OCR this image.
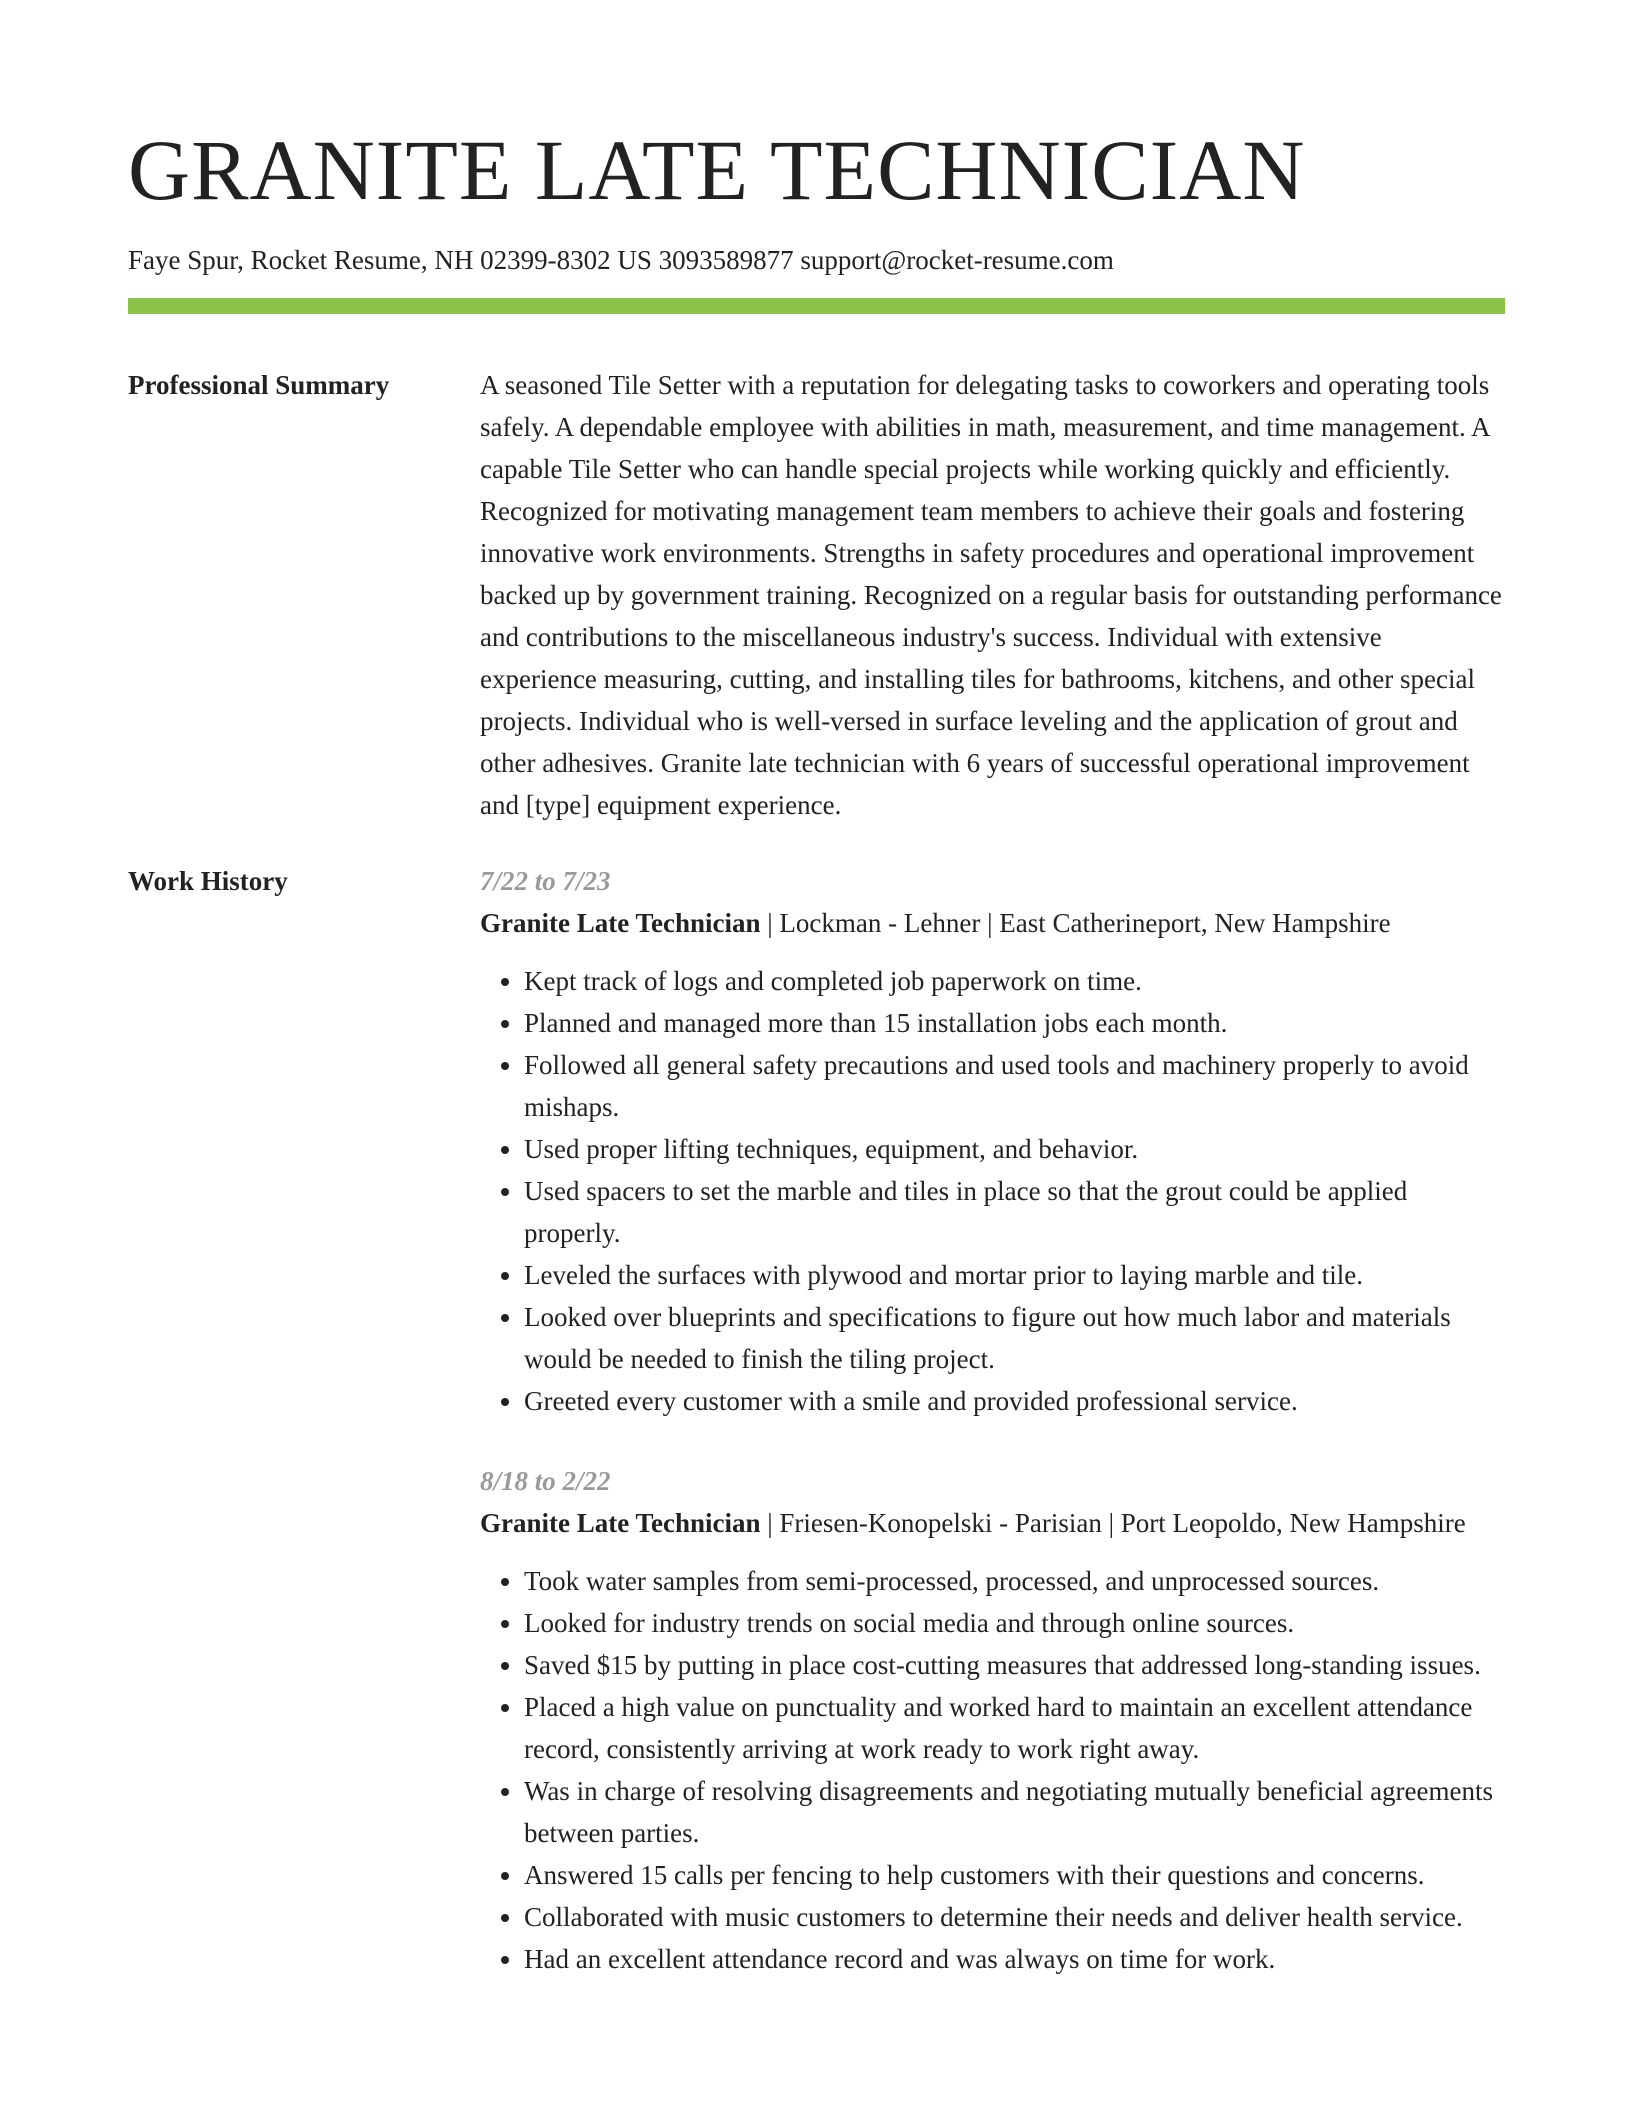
GRANITE LATE TECHNICIAN
Faye Spur, Rocket Resume, NH 02399-8302 US 3093589877 support@rocket-resume.com
Professional Summary	A seasoned Tile Setter with a reputation for delegating tasks to coworkers and operating tools safely. A dependable employee with abilities in math, measurement, and time management. A capable Tile Setter who can handle special projects while working quickly and efficiently. Recognized for motivating management team members to achieve their goals and fostering innovative work environments. Strengths in safety procedures and operational improvement backed up by government training. Recognized on a regular basis for outstanding performance and contributions to the miscellaneous industry's success. Individual with extensive experience measuring, cutting, and installing tiles for bathrooms, kitchens, and other special projects. Individual who is well-versed in surface leveling and the application of grout and other adhesives. Granite late technician with 6 years of successful operational improvement and [type] equipment experience.

Work History	7/22 to 7/23
Granite Late Technician | Lockman - Lehner | East Catherineport, New Hampshire
• Kept track of logs and completed job paperwork on time.
• Planned and managed more than 15 installation jobs each month.
• Followed all general safety precautions and used tools and machinery properly to avoid mishaps.
• Used proper lifting techniques, equipment, and behavior.
• Used spacers to set the marble and tiles in place so that the grout could be applied properly.
• Leveled the surfaces with plywood and mortar prior to laying marble and tile.
• Looked over blueprints and specifications to figure out how much labor and materials would be needed to finish the tiling project.
• Greeted every customer with a smile and provided professional service.
8/18 to 2/22
Granite Late Technician | Friesen-Konopelski - Parisian | Port Leopoldo, New Hampshire
• Took water samples from semi-processed, processed, and unprocessed sources.
• Looked for industry trends on social media and through online sources.
• Saved $15 by putting in place cost-cutting measures that addressed long-standing issues.
• Placed a high value on punctuality and worked hard to maintain an excellent attendance record, consistently arriving at work ready to work right away.
• Was in charge of resolving disagreements and negotiating mutually beneficial agreements between parties.
• Answered 15 calls per fencing to help customers with their questions and concerns.
• Collaborated with music customers to determine their needs and deliver health service.
• Had an excellent attendance record and was always on time for work.
